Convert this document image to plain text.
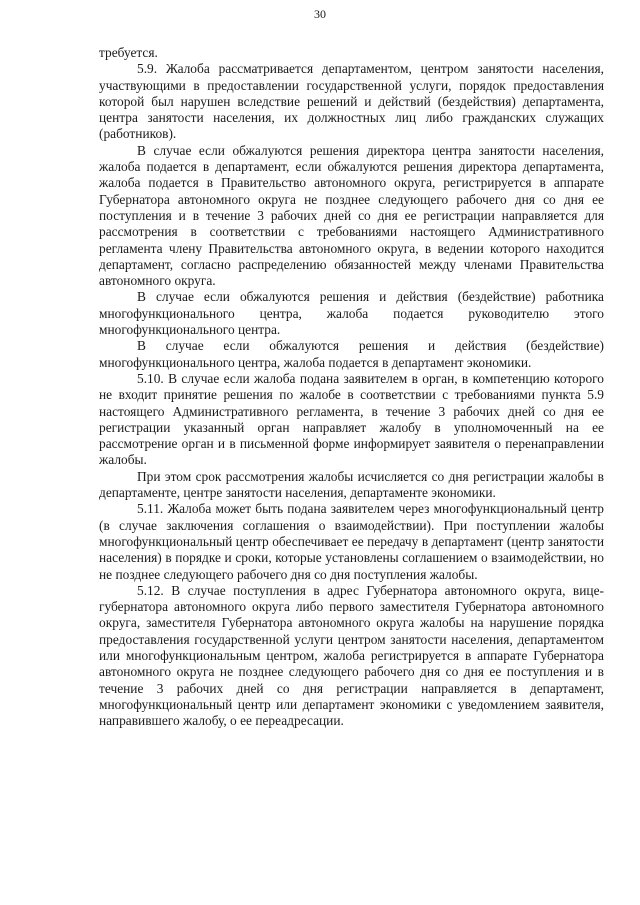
30

требуется.

5.9. Жалоба рассматривается департаментом, центром занятости населения, участвующими в предоставлении государственной услуги, порядок предоставления которой был нарушен вследствие решений и действий (бездействия) департамента, центра занятости населения, их должностных лиц либо гражданских служащих (работников).

В случае если обжалуются решения директора центра занятости населения, жалоба подается в департамент, если обжалуются решения директора департамента, жалоба подается в Правительство автономного округа, регистрируется в аппарате Губернатора автономного округа не позднее следующего рабочего дня со дня ее поступления и в течение 3 рабочих дней со дня ее регистрации направляется для рассмотрения в соответствии с требованиями настоящего Административного регламента члену Правительства автономного округа, в ведении которого находится департамент, согласно распределению обязанностей между членами Правительства автономного округа.

В случае если обжалуются решения и действия (бездействие) работника многофункционального центра, жалоба подается руководителю этого многофункционального центра.

В случае если обжалуются решения и действия (бездействие) многофункционального центра, жалоба подается в департамент экономики.

5.10. В случае если жалоба подана заявителем в орган, в компетенцию которого не входит принятие решения по жалобе в соответствии с требованиями пункта 5.9 настоящего Административного регламента, в течение 3 рабочих дней со дня ее регистрации указанный орган направляет жалобу в уполномоченный на ее рассмотрение орган и в письменной форме информирует заявителя о перенаправлении жалобы.

При этом срок рассмотрения жалобы исчисляется со дня регистрации жалобы в департаменте, центре занятости населения, департаменте экономики.

5.11. Жалоба может быть подана заявителем через многофункциональный центр (в случае заключения соглашения о взаимодействии). При поступлении жалобы многофункциональный центр обеспечивает ее передачу в департамент (центр занятости населения) в порядке и сроки, которые установлены соглашением о взаимодействии, но не позднее следующего рабочего дня со дня поступления жалобы.

5.12. В случае поступления в адрес Губернатора автономного округа, вице-губернатора автономного округа либо первого заместителя Губернатора автономного округа, заместителя Губернатора автономного округа жалобы на нарушение порядка предоставления государственной услуги центром занятости населения, департаментом или многофункциональным центром, жалоба регистрируется в аппарате Губернатора автономного округа не позднее следующего рабочего дня со дня ее поступления и в течение 3 рабочих дней со дня регистрации направляется в департамент, многофункциональный центр или департамент экономики с уведомлением заявителя, направившего жалобу, о ее переадресации.
